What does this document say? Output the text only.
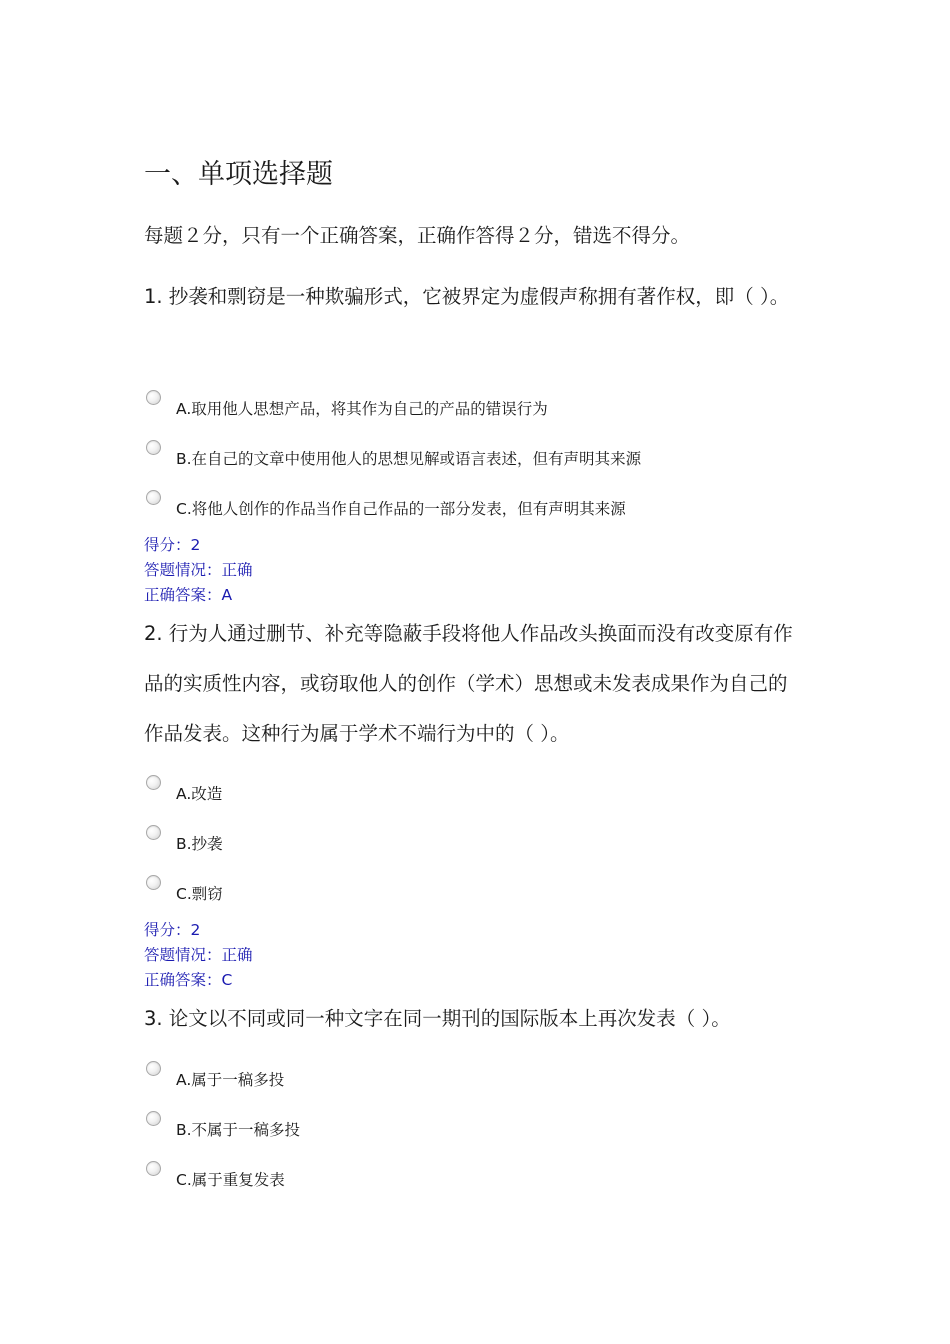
一、单项选择题
每题２分，只有一个正确答案，正确作答得２分，错选不得分。
1. 抄袭和剽窃是一种欺骗形式，它被界定为虚假声称拥有著作权，即（ ）。
A.取用他人思想产品，将其作为自己的产品的错误行为
B.在自己的文章中使用他人的思想见解或语言表述，但有声明其来源
C.将他人创作的作品当作自己作品的一部分发表，但有声明其来源
得分：2
答题情况：正确
正确答案：A
2. 行为人通过删节、补充等隐蔽手段将他人作品改头换面而没有改变原有作品的实质性内容，或窃取他人的创作（学术）思想或未发表成果作为自己的作品发表。这种行为属于学术不端行为中的（ ）。
A.改造
B.抄袭
C.剽窃
得分：2
答题情况：正确
正确答案：C
3. 论文以不同或同一种文字在同一期刊的国际版本上再次发表（ ）。
A.属于一稿多投
B.不属于一稿多投
C.属于重复发表
